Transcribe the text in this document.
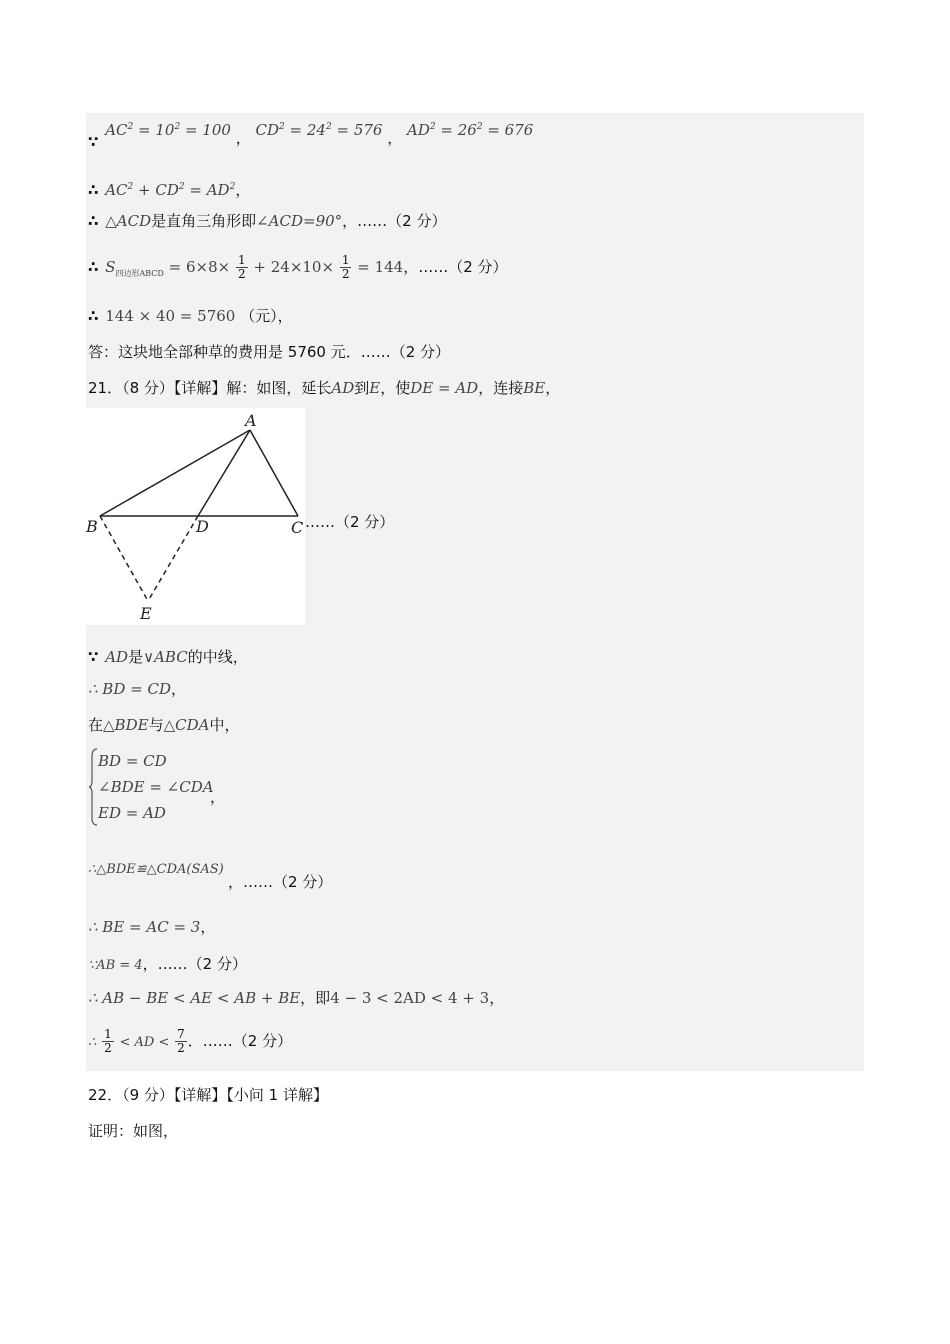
∵ $AC^2 = 10^2 = 100$ ， $CD^2 = 24^2 = 576$ ， $AD^2 = 26^2 = 676$
∴ $AC^2 + CD^2 = AD^2$，
∴ △ACD是直角三角形即∠ACD=90°，……（2 分）
∴ $S_{四边形ABCD} = 6\times 8\times \frac{1}{2} + 24\times 10\times \frac{1}{2} = 144$，……（2 分）
∴ 144 × 40 = 5760 （元），
答：这块地全部种草的费用是 5760 元．……（2 分）
21．（8 分）【详解】解：如图，延长AD到E，使DE = AD，连接BE，
A
B	C
D
E
……（2 分）
∵ AD是∨ABC的中线，
∴ BD = CD，
在△BDE与△CDA中，
BD = CD
∠BDE = ∠CDA
ED = AD
，
∴△BDE≌△CDA(SAS)
，……（2 分）
∴ BE = AC = 3，
∵AB = 4，……（2 分）
∴ AB − BE < AE < AB + BE，即4 − 3 < 2AD < 4 + 3，
∴ $\frac{1}{2}$ < AD < $\frac{7}{2}$ ．……（2 分）
22．（9 分）【详解】【小问 1 详解】
证明：如图，
